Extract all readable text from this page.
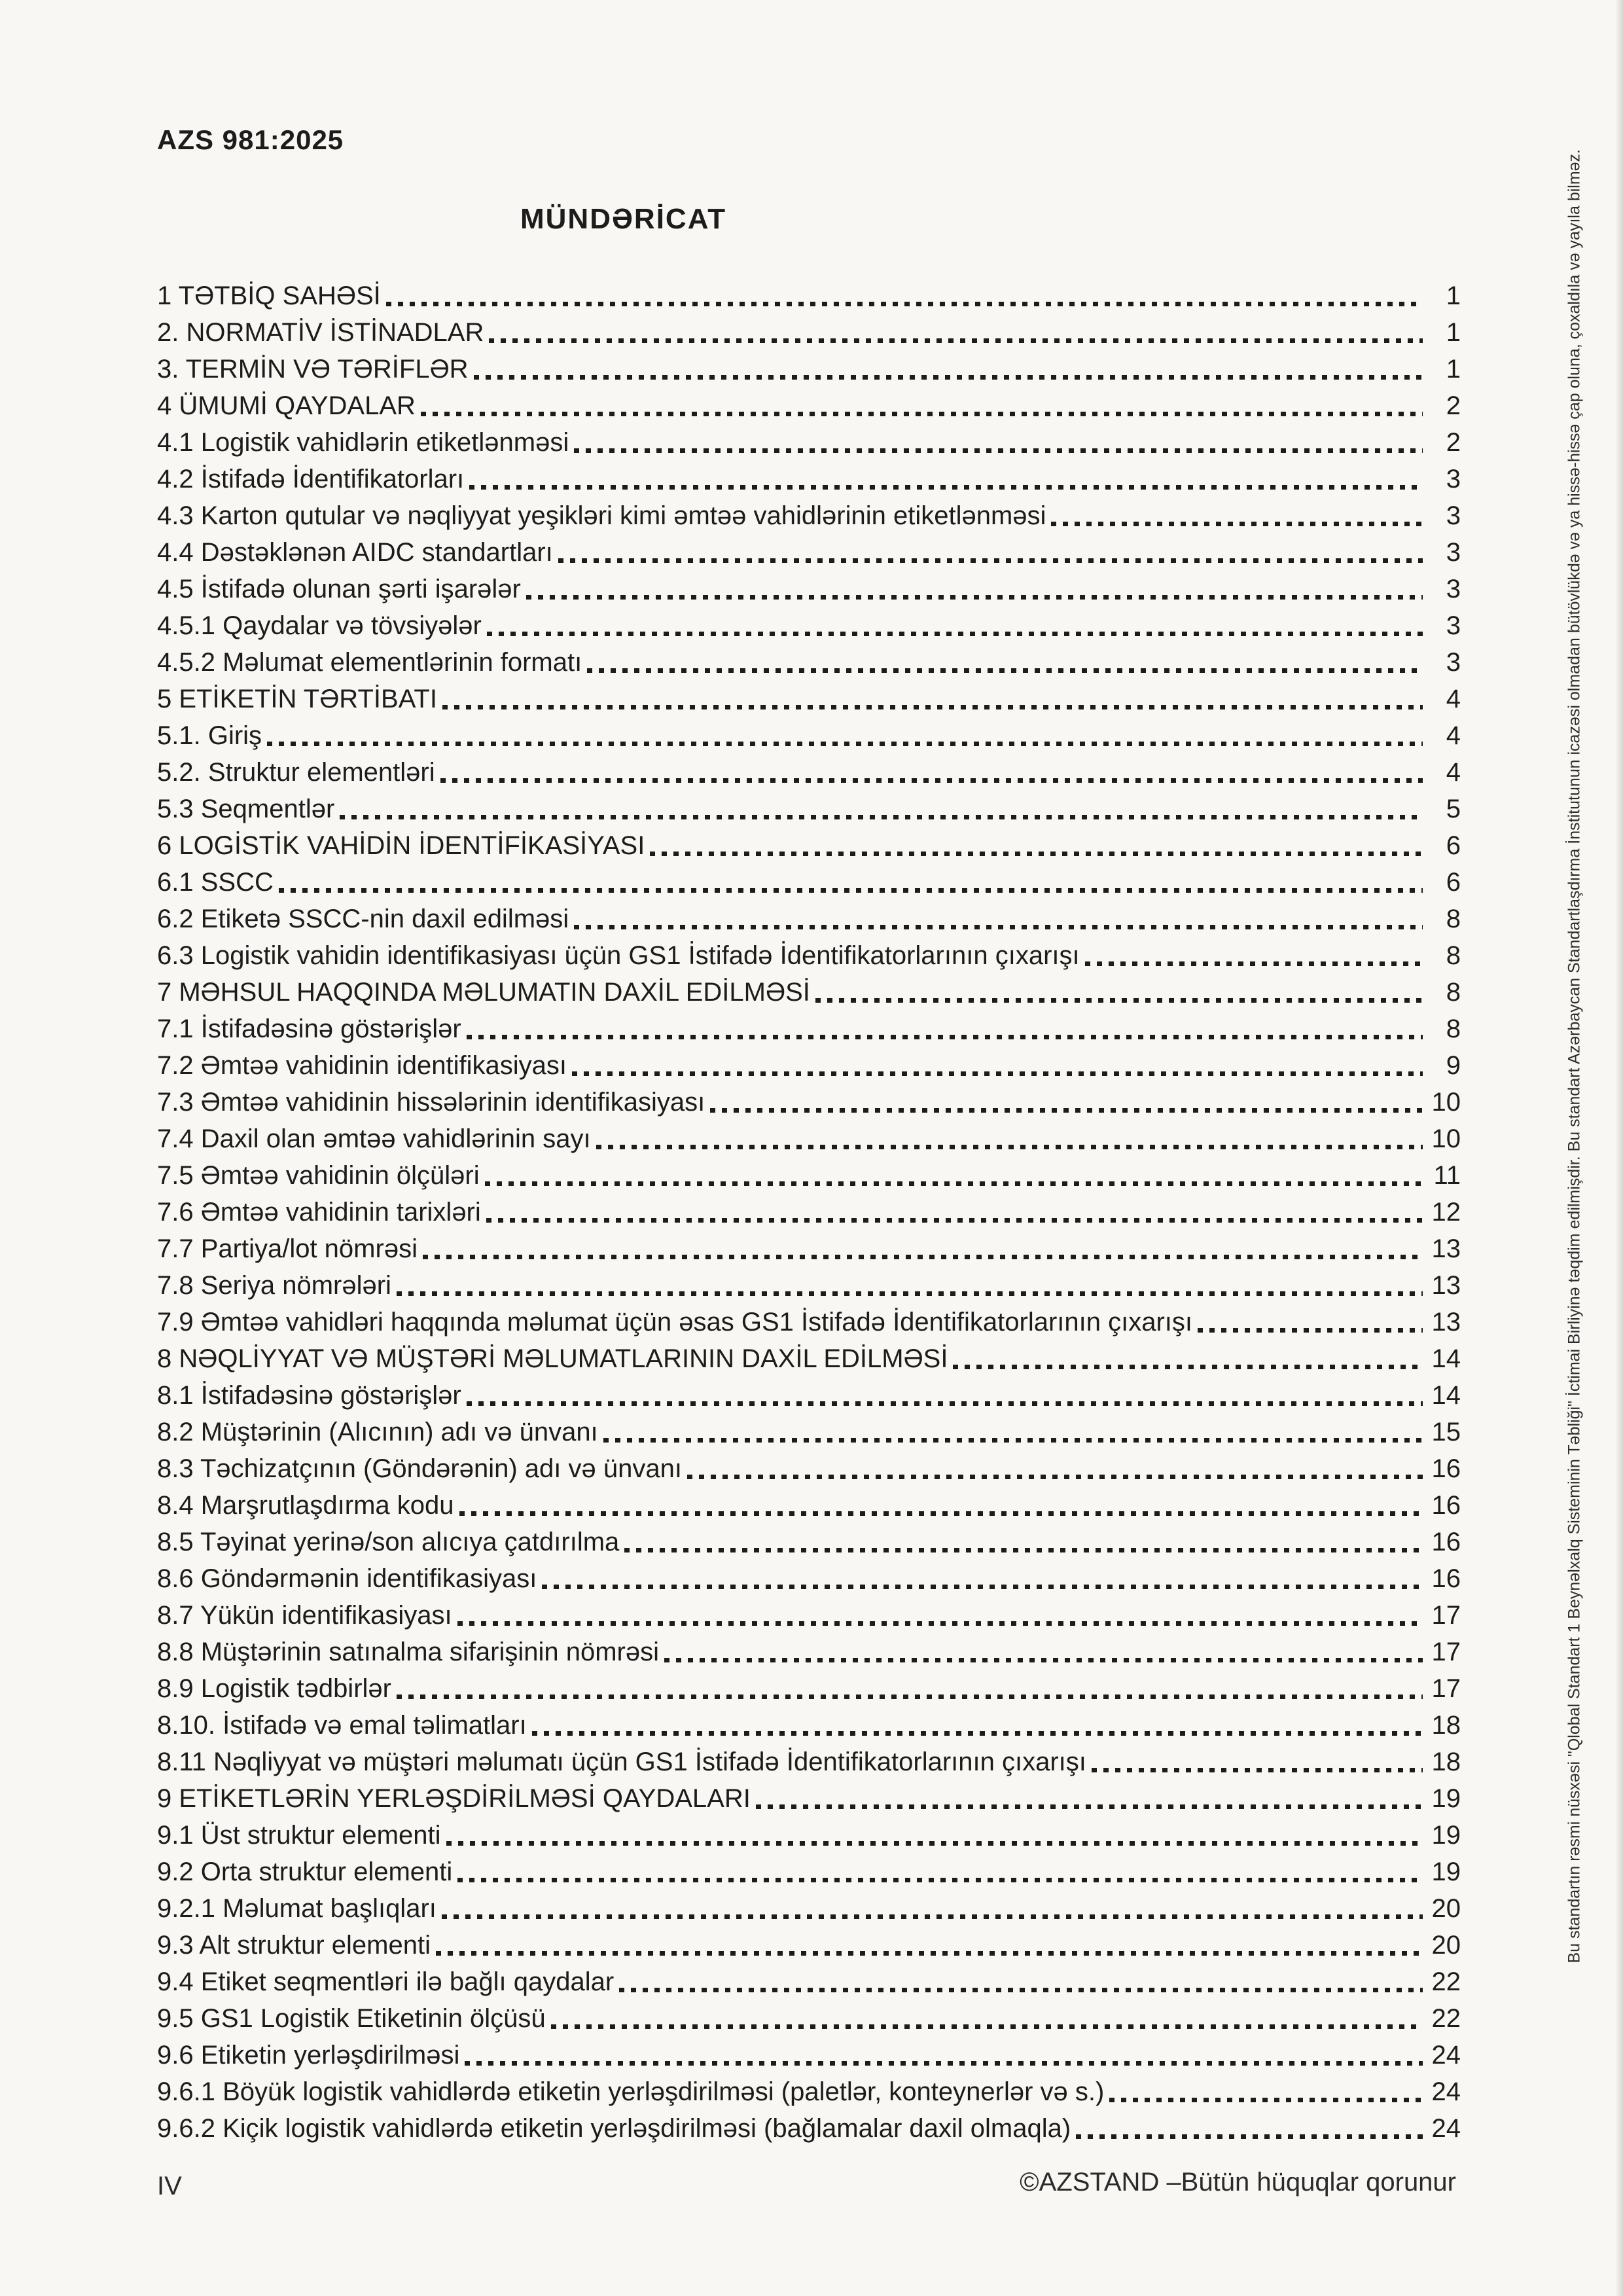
AZS 981:2025
MÜNDƏRİCAT
1 TƏTBİQ SAHƏSİ	1
2. NORMATİV İSTİNADLAR	1
3. TERMİN VƏ TƏRİFLƏR	1
4 ÜMUMİ QAYDALAR	2
4.1 Logistik vahidlərin etiketlənməsi	2
4.2 İstifadə İdentifikatorları	3
4.3 Karton qutular və nəqliyyat yeşikləri kimi əmtəə vahidlərinin etiketlənməsi	3
4.4 Dəstəklənən AIDC standartları	3
4.5 İstifadə olunan şərti işarələr	3
4.5.1 Qaydalar və tövsiyələr	3
4.5.2 Məlumat elementlərinin formatı	3
5 ETİKETİN TƏRTİBATI	4
5.1. Giriş	4
5.2. Struktur elementləri	4
5.3 Seqmentlər	5
6 LOGİSTİK VAHİDİN İDENTİFİKASİYASI	6
6.1 SSCC	6
6.2 Etiketə SSCC-nin daxil edilməsi	8
6.3 Logistik vahidin identifikasiyası üçün GS1 İstifadə İdentifikatorlarının çıxarışı	8
7 MƏHSUL HAQQINDA MƏLUMATIN DAXİL EDİLMƏSİ	8
7.1 İstifadəsinə göstərişlər	8
7.2 Əmtəə vahidinin identifikasiyası	9
7.3 Əmtəə vahidinin hissələrinin identifikasiyası	10
7.4 Daxil olan əmtəə vahidlərinin sayı	10
7.5 Əmtəə vahidinin ölçüləri	11
7.6 Əmtəə vahidinin tarixləri	12
7.7 Partiya/lot nömrəsi	13
7.8 Seriya nömrələri	13
7.9 Əmtəə vahidləri haqqında məlumat üçün əsas GS1 İstifadə İdentifikatorlarının çıxarışı	13
8 NƏQLİYYAT VƏ MÜŞTƏRİ MƏLUMATLARININ DAXİL EDİLMƏSİ	14
8.1 İstifadəsinə göstərişlər	14
8.2 Müştərinin (Alıcının) adı və ünvanı	15
8.3 Təchizatçının (Göndərənin) adı və ünvanı	16
8.4 Marşrutlaşdırma kodu	16
8.5 Təyinat yerinə/son alıcıya çatdırılma	16
8.6 Göndərmənin identifikasiyası	16
8.7 Yükün identifikasiyası	17
8.8 Müştərinin satınalma sifarişinin nömrəsi	17
8.9 Logistik tədbirlər	17
8.10. İstifadə və emal təlimatları	18
8.11 Nəqliyyat və müştəri məlumatı üçün GS1 İstifadə İdentifikatorlarının çıxarışı	18
9 ETİKETLƏRİN YERLƏŞDİRİLMƏSİ QAYDALARI	19
9.1 Üst struktur elementi	19
9.2 Orta struktur elementi	19
9.2.1 Məlumat başlıqları	20
9.3 Alt struktur elementi	20
9.4 Etiket seqmentləri ilə bağlı qaydalar	22
9.5 GS1 Logistik Etiketinin ölçüsü	22
9.6 Etiketin yerləşdirilməsi	24
9.6.1 Böyük logistik vahidlərdə etiketin yerləşdirilməsi (paletlər, konteynerlər və s.)	24
9.6.2 Kiçik logistik vahidlərdə etiketin yerləşdirilməsi (bağlamalar daxil olmaqla)	24
IV	©AZSTAND –Bütün hüquqlar qorunur
Bu standartın rəsmi nüsxəsi "Qlobal Standart 1 Beynəlxalq Sisteminin Təbliği" İctimai Birliyinə təqdim edilmişdir. Bu standart Azərbaycan Standartlaşdırma İnstitutunun icazəsi olmadan bütövlükdə və ya hissə-hissə çap oluna, çoxaldıla və yayıla bilməz.
